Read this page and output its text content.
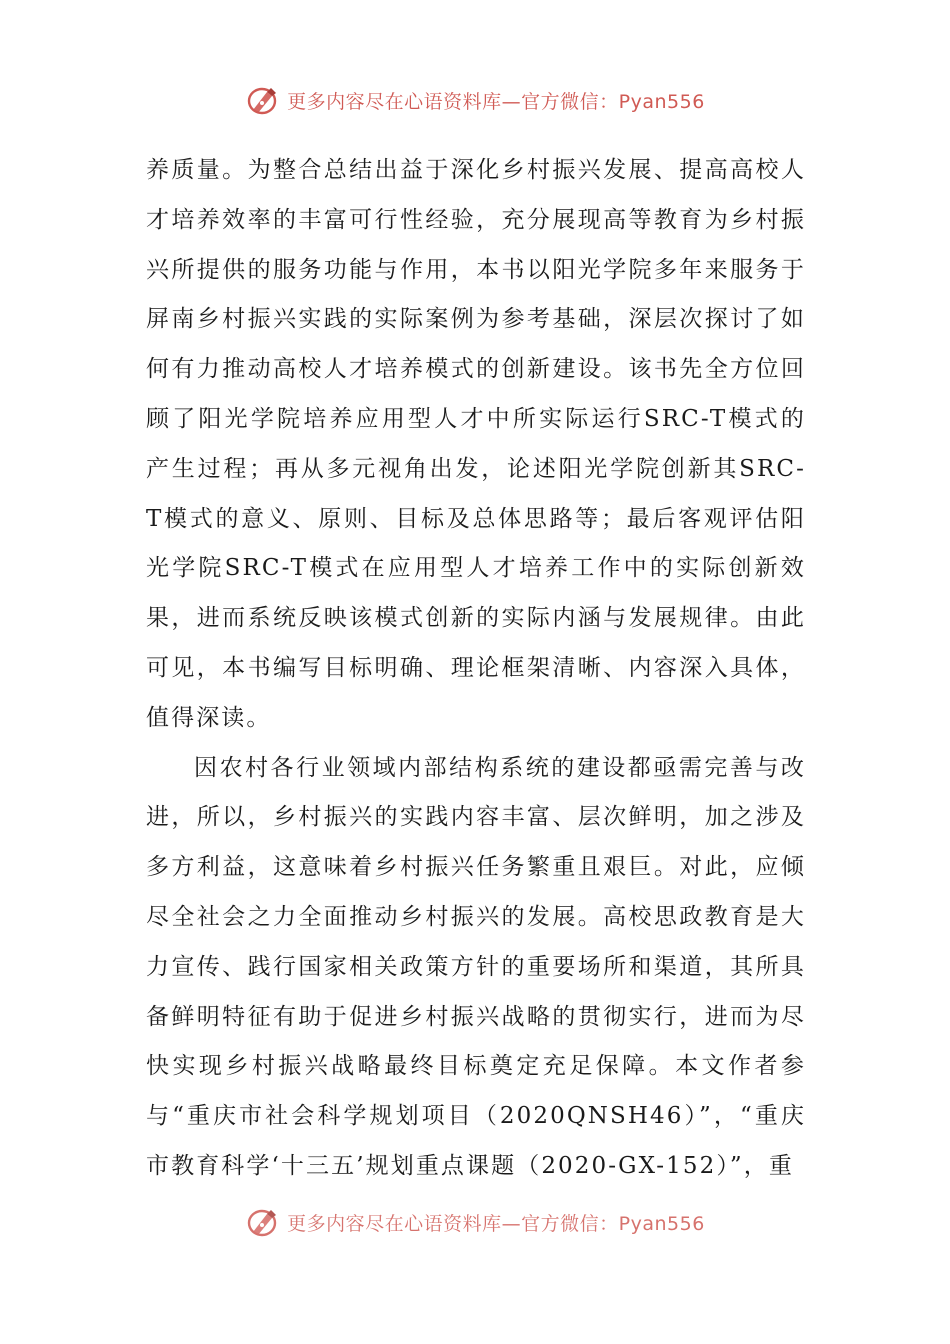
更多内容尽在心语资料库—官方微信：Pyan556

养质量。为整合总结出益于深化乡村振兴发展、提高高校人才培养效率的丰富可行性经验，充分展现高等教育为乡村振兴所提供的服务功能与作用，本书以阳光学院多年来服务于屏南乡村振兴实践的实际案例为参考基础，深层次探讨了如何有力推动高校人才培养模式的创新建设。该书先全方位回顾了阳光学院培养应用型人才中所实际运行SRC-T模式的产生过程；再从多元视角出发，论述阳光学院创新其SRC-T模式的意义、原则、目标及总体思路等；最后客观评估阳光学院SRC-T模式在应用型人才培养工作中的实际创新效果，进而系统反映该模式创新的实际内涵与发展规律。由此可见，本书编写目标明确、理论框架清晰、内容深入具体，值得深读。

因农村各行业领域内部结构系统的建设都亟需完善与改进，所以，乡村振兴的实践内容丰富、层次鲜明，加之涉及多方利益，这意味着乡村振兴任务繁重且艰巨。对此，应倾尽全社会之力全面推动乡村振兴的发展。高校思政教育是大力宣传、践行国家相关政策方针的重要场所和渠道，其所具备鲜明特征有助于促进乡村振兴战略的贯彻实行，进而为尽快实现乡村振兴战略最终目标奠定充足保障。本文作者参与“重庆市社会科学规划项目（2020QNSH46）”，“重庆市教育科学‘十三五’规划重点课题（2020-GX-152）”，重

更多内容尽在心语资料库—官方微信：Pyan556
